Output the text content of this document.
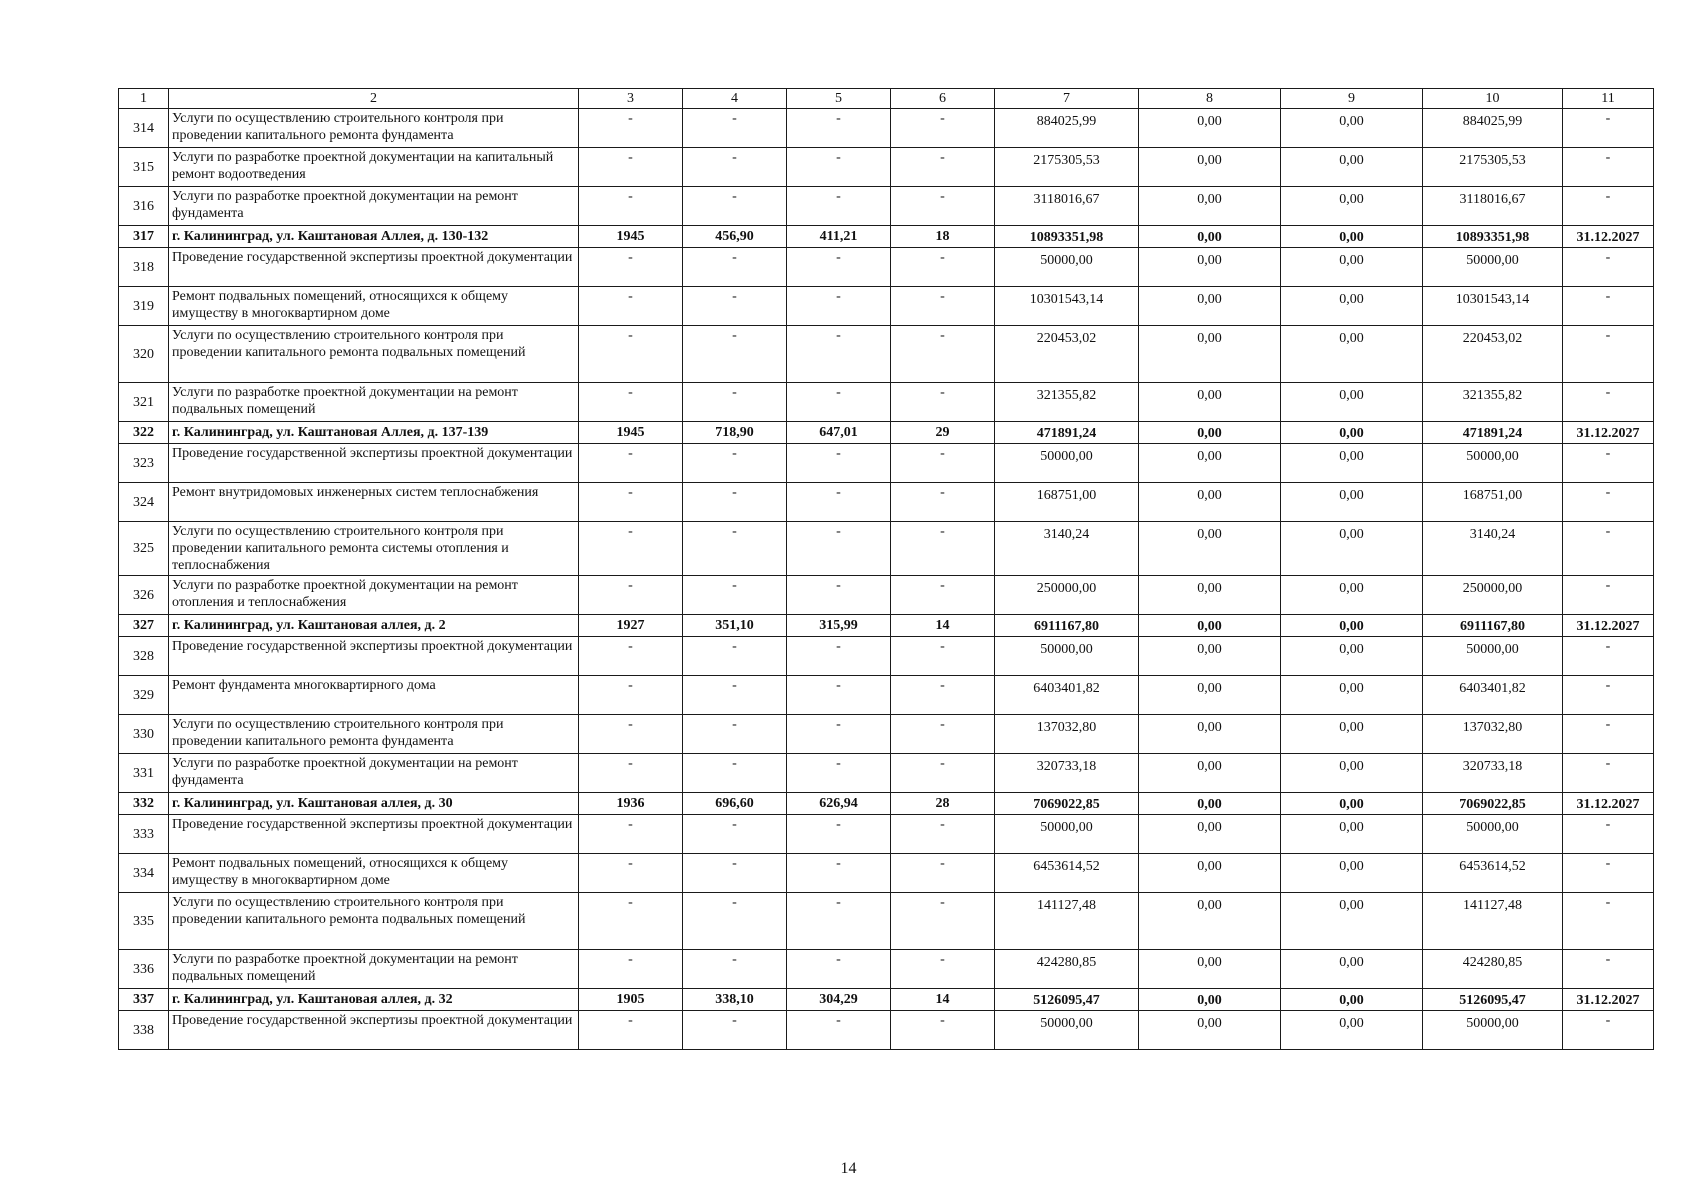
1	2	3	4	5	6	7	8	9	10	11
314	Услуги по осуществлению строительного контроля при проведении капитального ремонта фундамента	-	-	-	-	884025,99	0,00	0,00	884025,99	-
315	Услуги по разработке проектной документации на капитальный ремонт водоотведения	-	-	-	-	2175305,53	0,00	0,00	2175305,53	-
316	Услуги по разработке проектной документации на ремонт фундамента	-	-	-	-	3118016,67	0,00	0,00	3118016,67	-
317	г. Калининград, ул. Каштановая Аллея, д. 130-132	1945	456,90	411,21	18	10893351,98	0,00	0,00	10893351,98	31.12.2027
318	Проведение государственной экспертизы проектной документации	-	-	-	-	50000,00	0,00	0,00	50000,00	-
319	Ремонт подвальных помещений, относящихся к общему имуществу в многоквартирном доме	-	-	-	-	10301543,14	0,00	0,00	10301543,14	-
320	Услуги по осуществлению строительного контроля при проведении капитального ремонта подвальных помещений	-	-	-	-	220453,02	0,00	0,00	220453,02	-
321	Услуги по разработке проектной документации на ремонт подвальных помещений	-	-	-	-	321355,82	0,00	0,00	321355,82	-
322	г. Калининград, ул. Каштановая Аллея, д. 137-139	1945	718,90	647,01	29	471891,24	0,00	0,00	471891,24	31.12.2027
323	Проведение государственной экспертизы проектной документации	-	-	-	-	50000,00	0,00	0,00	50000,00	-
324	Ремонт внутридомовых инженерных систем теплоснабжения	-	-	-	-	168751,00	0,00	0,00	168751,00	-
325	Услуги по осуществлению строительного контроля при проведении капитального ремонта системы отопления и теплоснабжения	-	-	-	-	3140,24	0,00	0,00	3140,24	-
326	Услуги по разработке проектной документации на ремонт отопления и теплоснабжения	-	-	-	-	250000,00	0,00	0,00	250000,00	-
327	г. Калининград, ул. Каштановая аллея, д. 2	1927	351,10	315,99	14	6911167,80	0,00	0,00	6911167,80	31.12.2027
328	Проведение государственной экспертизы проектной документации	-	-	-	-	50000,00	0,00	0,00	50000,00	-
329	Ремонт фундамента многоквартирного дома	-	-	-	-	6403401,82	0,00	0,00	6403401,82	-
330	Услуги по осуществлению строительного контроля при проведении капитального ремонта фундамента	-	-	-	-	137032,80	0,00	0,00	137032,80	-
331	Услуги по разработке проектной документации на ремонт фундамента	-	-	-	-	320733,18	0,00	0,00	320733,18	-
332	г. Калининград, ул. Каштановая аллея, д. 30	1936	696,60	626,94	28	7069022,85	0,00	0,00	7069022,85	31.12.2027
333	Проведение государственной экспертизы проектной документации	-	-	-	-	50000,00	0,00	0,00	50000,00	-
334	Ремонт подвальных помещений, относящихся к общему имуществу в многоквартирном доме	-	-	-	-	6453614,52	0,00	0,00	6453614,52	-
335	Услуги по осуществлению строительного контроля при проведении капитального ремонта подвальных помещений	-	-	-	-	141127,48	0,00	0,00	141127,48	-
336	Услуги по разработке проектной документации на ремонт подвальных помещений	-	-	-	-	424280,85	0,00	0,00	424280,85	-
337	г. Калининград, ул. Каштановая аллея, д. 32	1905	338,10	304,29	14	5126095,47	0,00	0,00	5126095,47	31.12.2027
338	Проведение государственной экспертизы проектной документации	-	-	-	-	50000,00	0,00	0,00	50000,00	-
14
